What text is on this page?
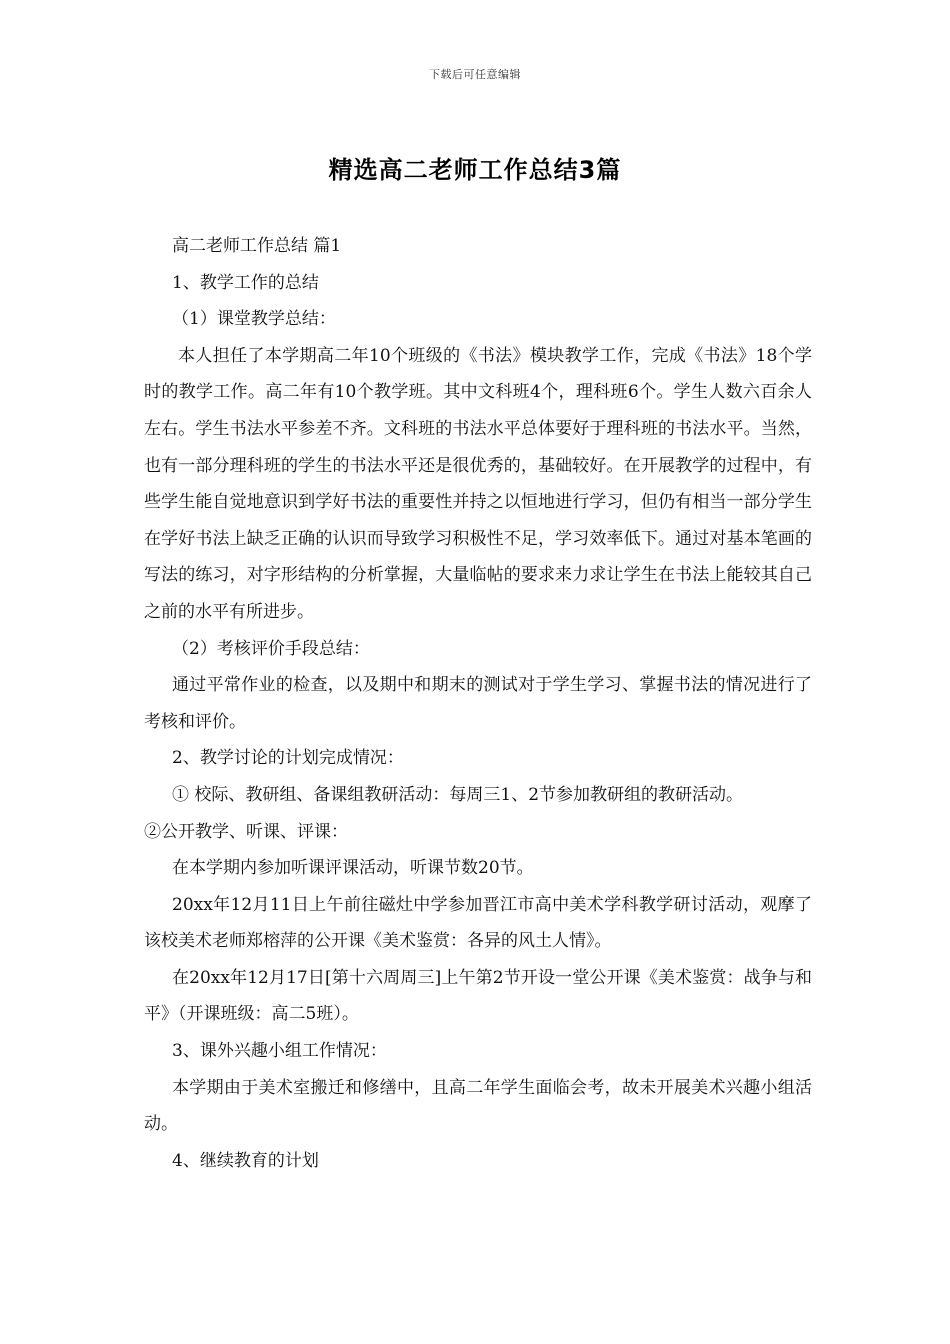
下载后可任意编辑
精选高二老师工作总结3篇

高二老师工作总结 篇1

1、教学工作的总结

（1）课堂教学总结：

本人担任了本学期高二年10个班级的《书法》模块教学工作，完成《书法》18个学时的教学工作。高二年有10个教学班。其中文科班4个，理科班6个。学生人数六百余人左右。学生书法水平参差不齐。文科班的书法水平总体要好于理科班的书法水平。当然，也有一部分理科班的学生的书法水平还是很优秀的，基础较好。在开展教学的过程中，有些学生能自觉地意识到学好书法的重要性并持之以恒地进行学习，但仍有相当一部分学生在学好书法上缺乏正确的认识而导致学习积极性不足，学习效率低下。通过对基本笔画的写法的练习，对字形结构的分析掌握，大量临帖的要求来力求让学生在书法上能较其自己之前的水平有所进步。

（2）考核评价手段总结：

通过平常作业的检查，以及期中和期末的测试对于学生学习、掌握书法的情况进行了考核和评价。

2、教学讨论的计划完成情况：

① 校际、教研组、备课组教研活动：每周三1、2节参加教研组的教研活动。

②公开教学、听课、评课：

在本学期内参加听课评课活动，听课节数20节。

20xx年12月11日上午前往磁灶中学参加晋江市高中美术学科教学研讨活动，观摩了该校美术老师郑榕萍的公开课《美术鉴赏：各异的风土人情》。

在20xx年12月17日[第十六周周三]上午第2节开设一堂公开课《美术鉴赏：战争与和平》（开课班级：高二5班）。

3、课外兴趣小组工作情况：

本学期由于美术室搬迁和修缮中，且高二年学生面临会考，故未开展美术兴趣小组活动。

4、继续教育的计划
